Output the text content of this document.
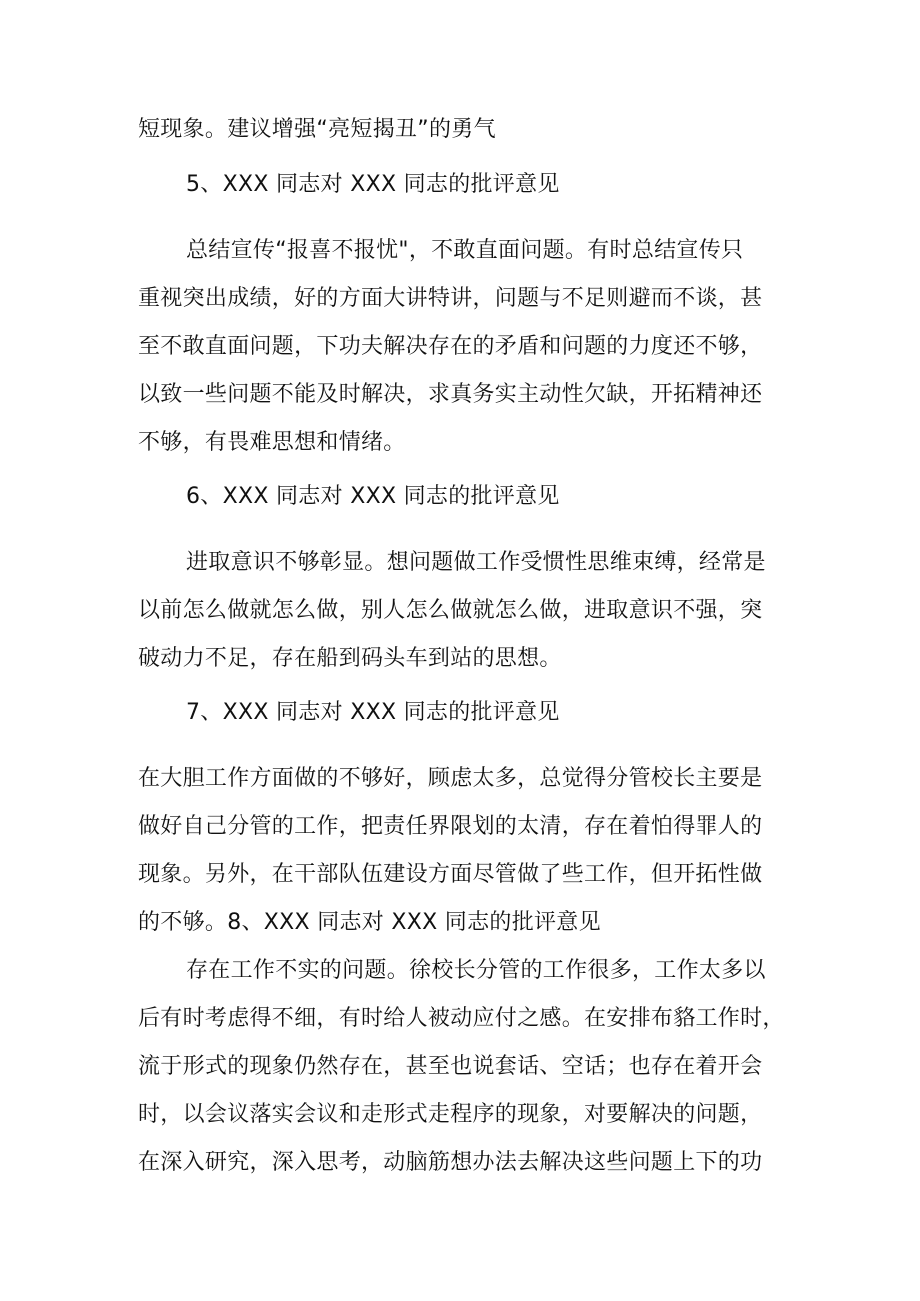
短现象。建议增强“亮短揭丑”的勇气
5、XXX 同志对 XXX 同志的批评意见
总结宣传“报喜不报忧"，不敢直面问题。有时总结宣传只
重视突出成绩，好的方面大讲特讲，问题与不足则避而不谈，甚
至不敢直面问题，下功夫解决存在的矛盾和问题的力度还不够，
以致一些问题不能及时解决，求真务实主动性欠缺，开拓精神还
不够，有畏难思想和情绪。
6、XXX 同志对 XXX 同志的批评意见
进取意识不够彰显。想问题做工作受惯性思维束缚，经常是
以前怎么做就怎么做，别人怎么做就怎么做，进取意识不强，突
破动力不足，存在船到码头车到站的思想。
7、XXX 同志对 XXX 同志的批评意见
在大胆工作方面做的不够好，顾虑太多，总觉得分管校长主要是
做好自己分管的工作，把责任界限划的太清，存在着怕得罪人的
现象。另外，在干部队伍建设方面尽管做了些工作，但开拓性做
的不够。8、XXX 同志对 XXX 同志的批评意见
存在工作不实的问题。徐校长分管的工作很多，工作太多以
后有时考虑得不细，有时给人被动应付之感。在安排布貉工作时，
流于形式的现象仍然存在，甚至也说套话、空话；也存在着开会
时，以会议落实会议和走形式走程序的现象，对要解决的问题，
在深入研究，深入思考，动脑筋想办法去解决这些问题上下的功
